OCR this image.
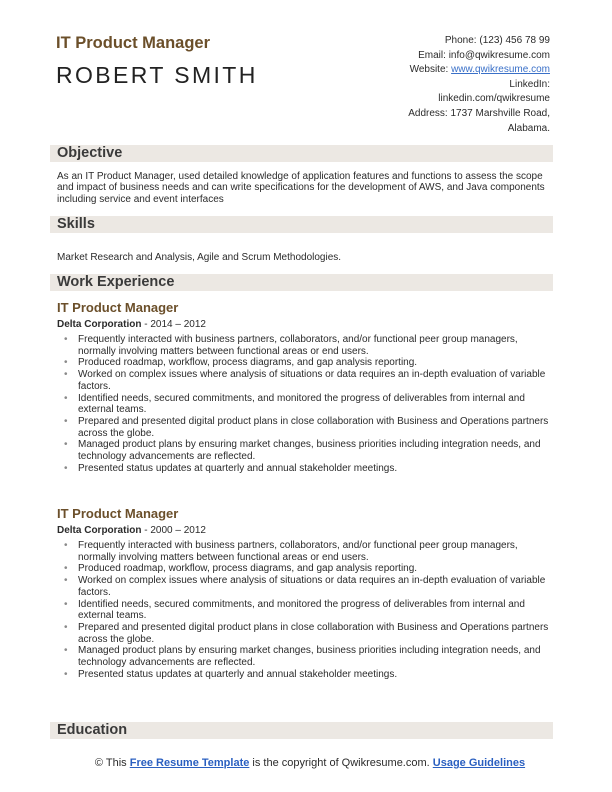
IT Product Manager
ROBERT SMITH
Phone: (123) 456 78 99
Email: info@qwikresume.com
Website: www.qwikresume.com
LinkedIn:
linkedin.com/qwikresume
Address: 1737 Marshville Road,
Alabama.
Objective
As an IT Product Manager, used detailed knowledge of application features and functions to assess the scope and impact of business needs and can write specifications for the development of AWS, and Java components including service and event interfaces
Skills
Market Research and Analysis, Agile and Scrum Methodologies.
Work Experience
IT Product Manager
Delta Corporation - 2014 – 2012
• Frequently interacted with business partners, collaborators, and/or functional peer group managers, normally involving matters between functional areas or end users.
• Produced roadmap, workflow, process diagrams, and gap analysis reporting.
• Worked on complex issues where analysis of situations or data requires an in-depth evaluation of variable factors.
• Identified needs, secured commitments, and monitored the progress of deliverables from internal and external teams.
• Prepared and presented digital product plans in close collaboration with Business and Operations partners across the globe.
• Managed product plans by ensuring market changes, business priorities including integration needs, and technology advancements are reflected.
• Presented status updates at quarterly and annual stakeholder meetings.
IT Product Manager
Delta Corporation - 2000 – 2012
• Frequently interacted with business partners, collaborators, and/or functional peer group managers, normally involving matters between functional areas or end users.
• Produced roadmap, workflow, process diagrams, and gap analysis reporting.
• Worked on complex issues where analysis of situations or data requires an in-depth evaluation of variable factors.
• Identified needs, secured commitments, and monitored the progress of deliverables from internal and external teams.
• Prepared and presented digital product plans in close collaboration with Business and Operations partners across the globe.
• Managed product plans by ensuring market changes, business priorities including integration needs, and technology advancements are reflected.
• Presented status updates at quarterly and annual stakeholder meetings.
Education
© This Free Resume Template is the copyright of Qwikresume.com. Usage Guidelines
